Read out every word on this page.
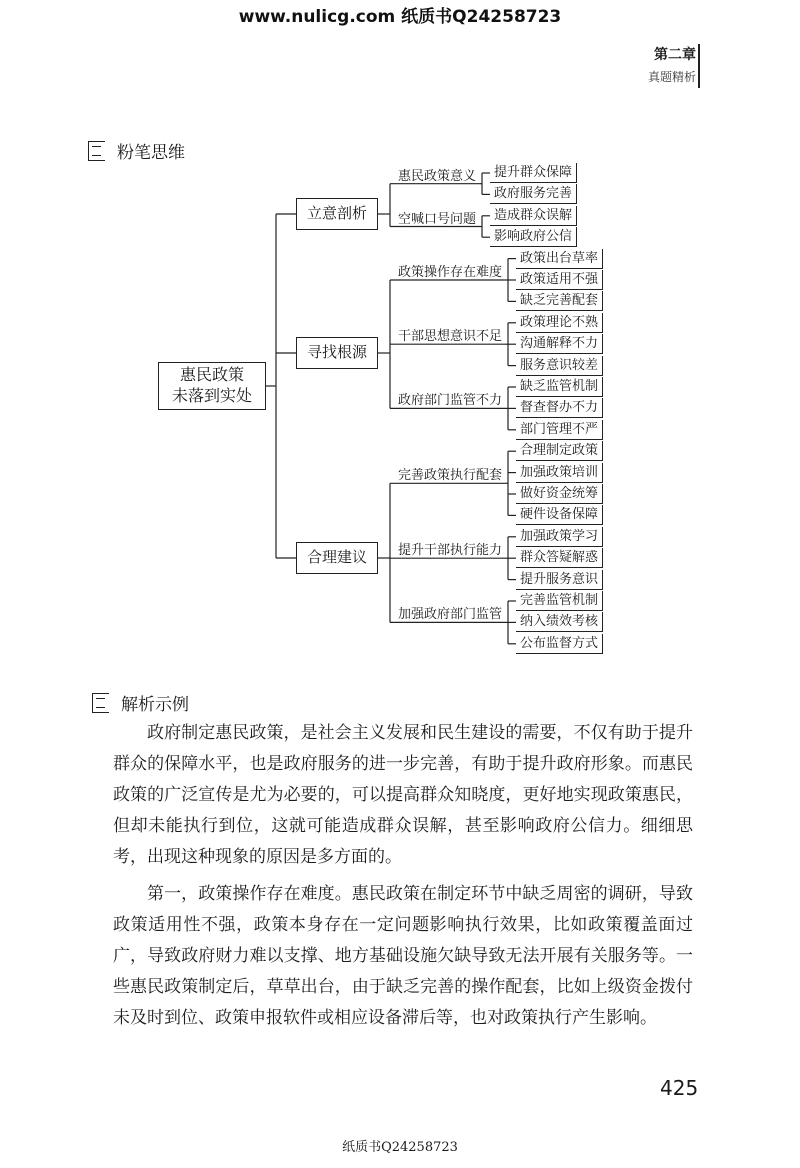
www.nulicg.com 纸质书Q24258723
第二章
真题精析
粉笔思维
惠民政策
未落到实处
立意剖析
惠民政策意义	提升群众保障
政府服务完善
空喊口号问题	造成群众误解
影响政府公信
寻找根源
政策操作存在难度
政策出台草率
政策适用不强
缺乏完善配套
干部思想意识不足
政策理论不熟
沟通解释不力
服务意识较差
政府部门监管不力
缺乏监管机制
督查督办不力
部门管理不严
合理建议
完善政策执行配套
合理制定政策
加强政策培训
做好资金统筹
硬件设备保障
提升干部执行能力
加强政策学习
群众答疑解惑
提升服务意识
加强政府部门监管
完善监管机制
纳入绩效考核
公布监督方式
解析示例

政府制定惠民政策，是社会主义发展和民生建设的需要，不仅有助于提升群众的保障水平，也是政府服务的进一步完善，有助于提升政府形象。而惠民政策的广泛宣传是尤为必要的，可以提高群众知晓度，更好地实现政策惠民，但却未能执行到位，这就可能造成群众误解，甚至影响政府公信力。细细思考，出现这种现象的原因是多方面的。

第一，政策操作存在难度。惠民政策在制定环节中缺乏周密的调研，导致政策适用性不强，政策本身存在一定问题影响执行效果，比如政策覆盖面过广，导致政府财力难以支撑、地方基础设施欠缺导致无法开展有关服务等。一些惠民政策制定后，草草出台，由于缺乏完善的操作配套，比如上级资金拨付未及时到位、政策申报软件或相应设备滞后等，也对政策执行产生影响。

425
纸质书Q24258723
